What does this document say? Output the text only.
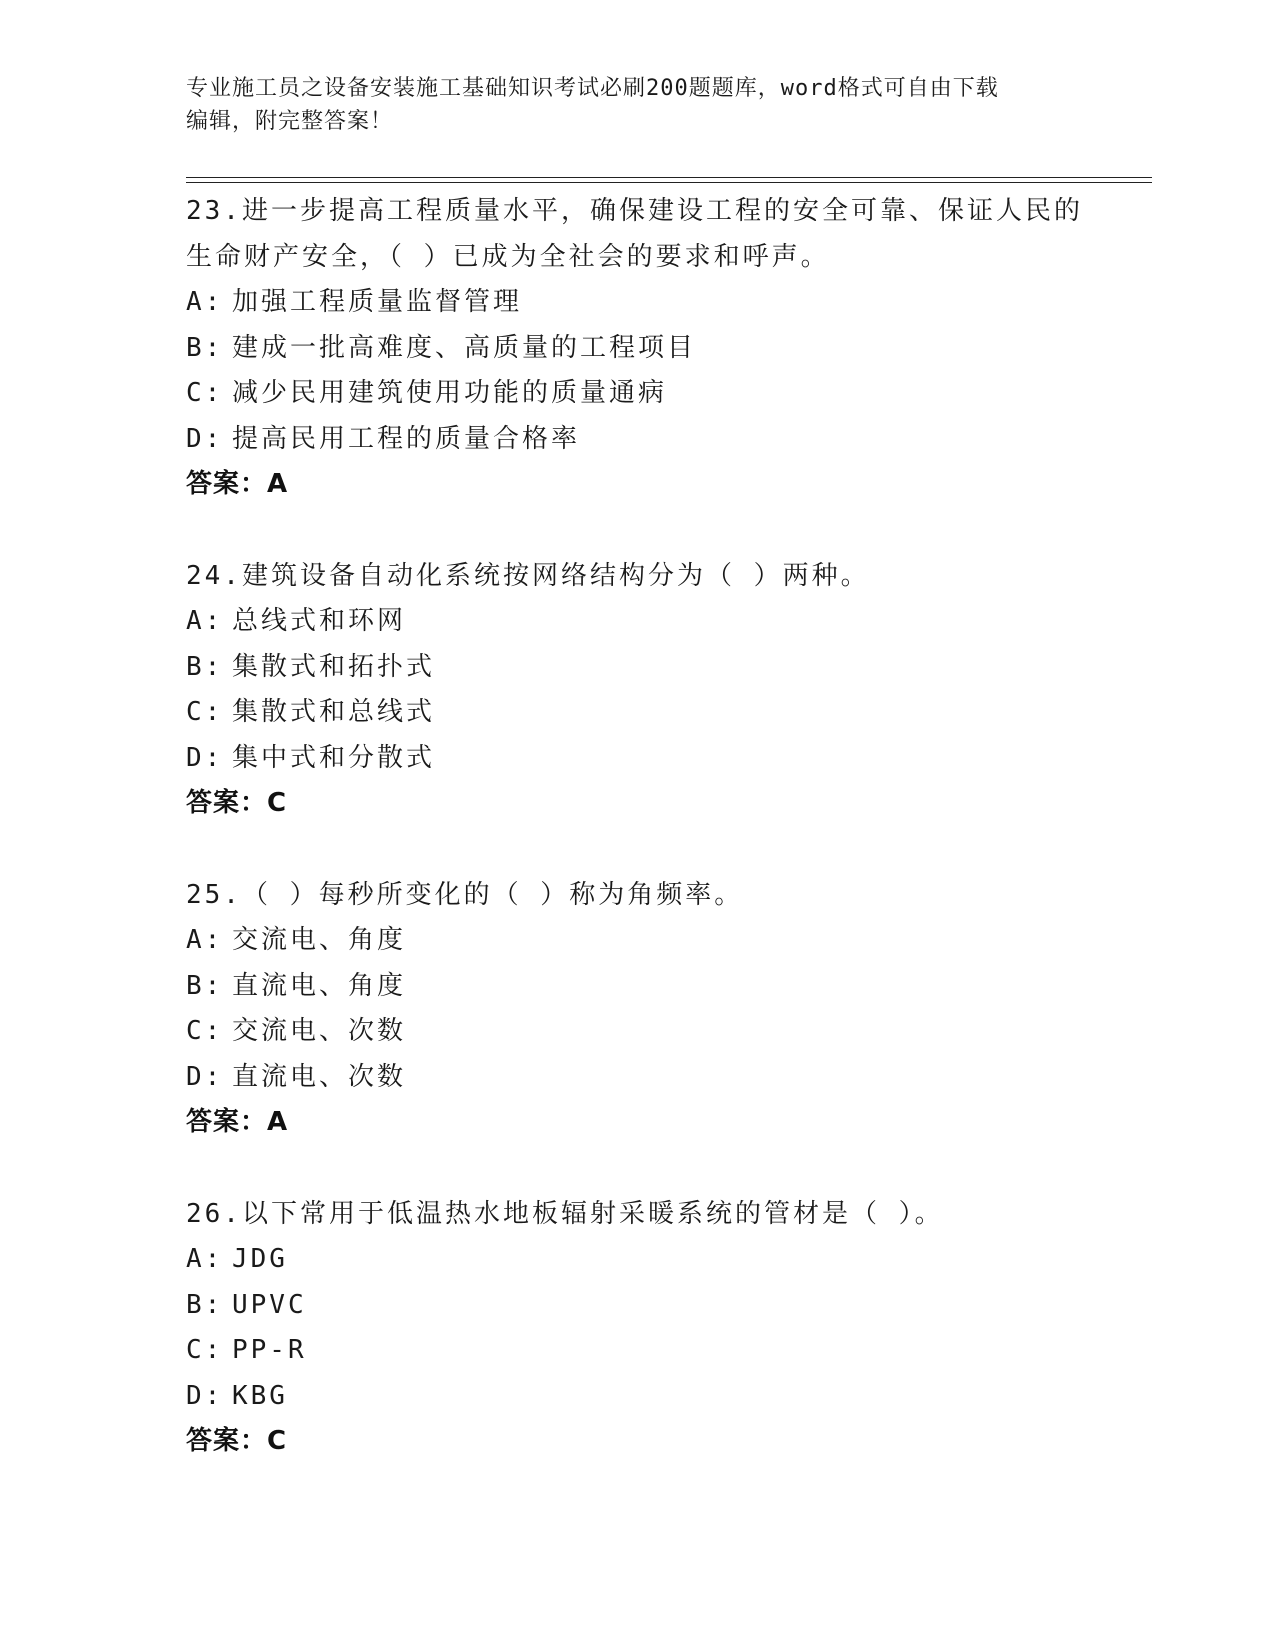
专业施工员之设备安装施工基础知识考试必刷200题题库，word格式可自由下载
编辑，附完整答案！
23.进一步提高工程质量水平，确保建设工程的安全可靠、保证人民的
生命财产安全，（ ）已成为全社会的要求和呼声。
A: 加强工程质量监督管理
B: 建成一批高难度、高质量的工程项目
C: 减少民用建筑使用功能的质量通病
D: 提高民用工程的质量合格率
答案：A
24.建筑设备自动化系统按网络结构分为（ ）两种。
A: 总线式和环网
B: 集散式和拓扑式
C: 集散式和总线式
D: 集中式和分散式
答案：C
25.（ ）每秒所变化的（ ）称为角频率。
A: 交流电、角度
B: 直流电、角度
C: 交流电、次数
D: 直流电、次数
答案：A
26.以下常用于低温热水地板辐射采暖系统的管材是（ ）。
A: JDG
B: UPVC
C: PP-R
D: KBG
答案：C
